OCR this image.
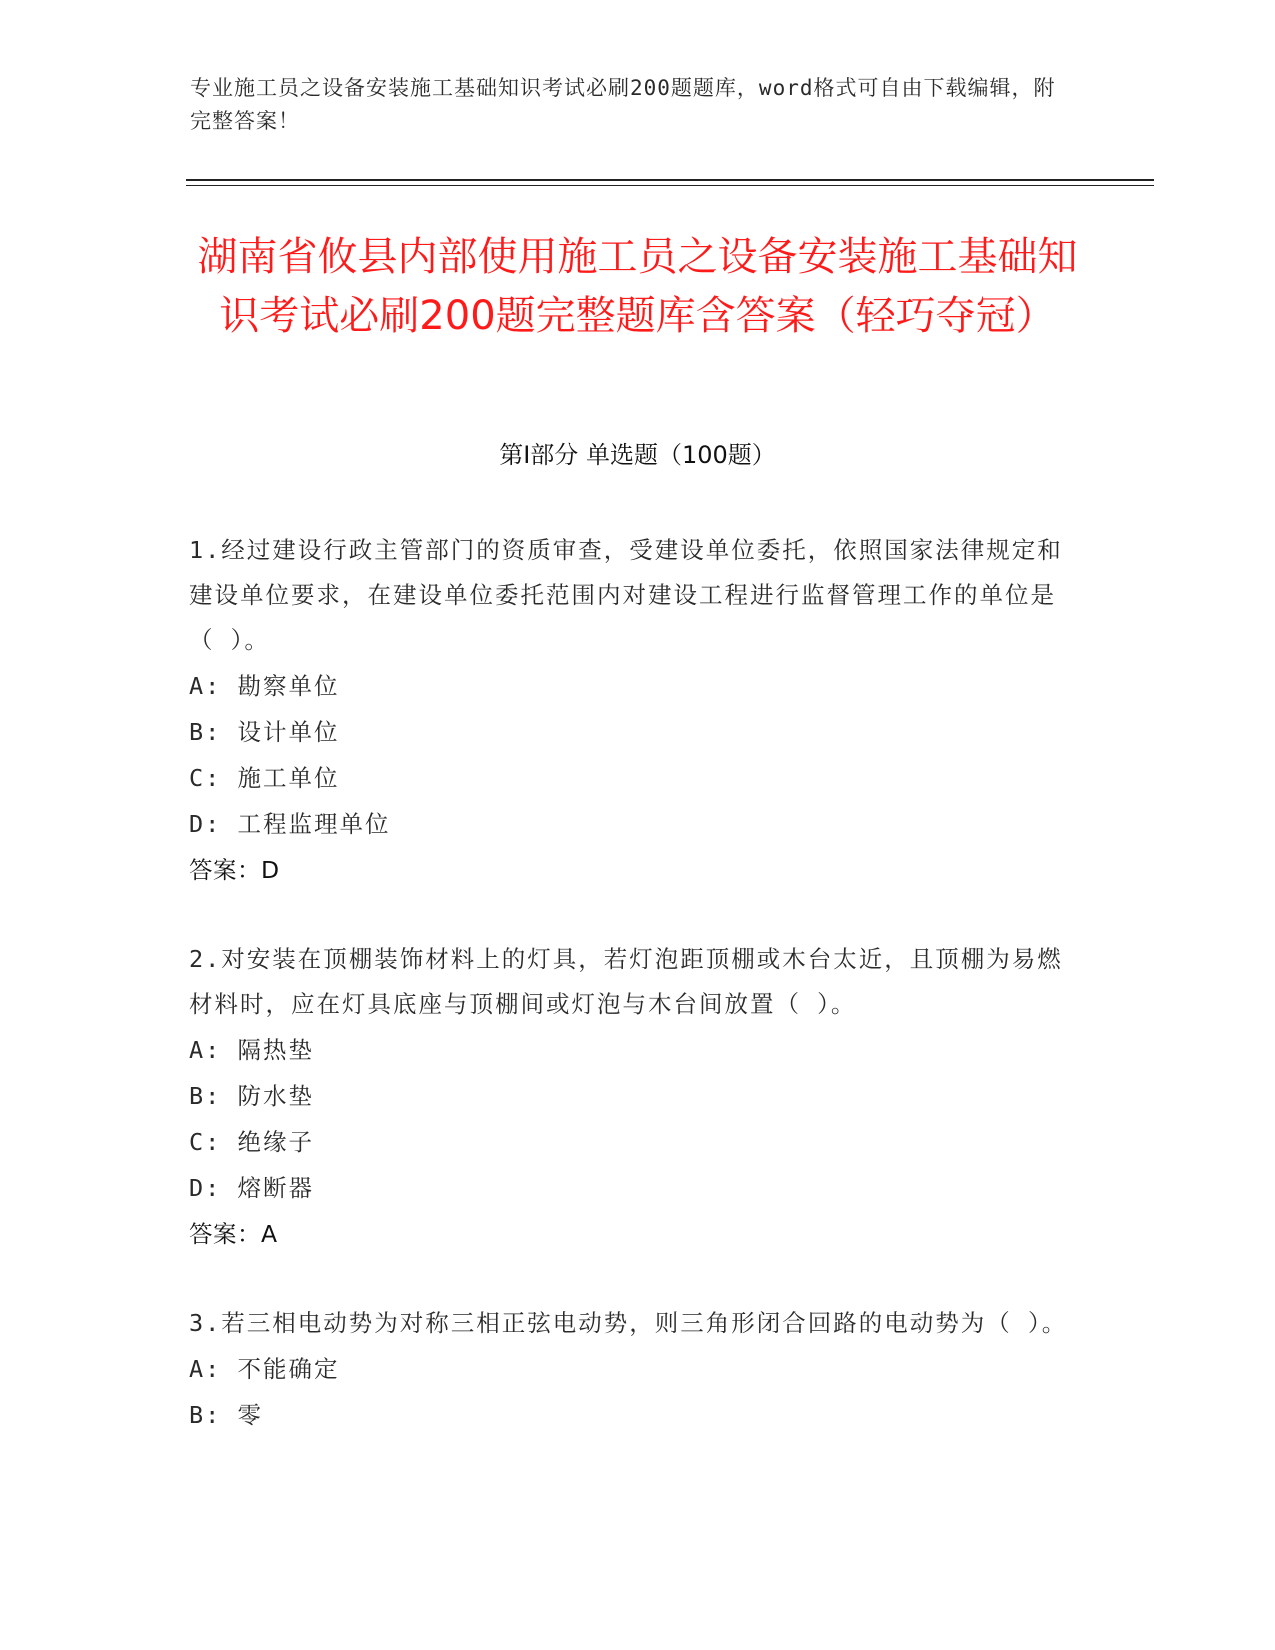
专业施工员之设备安装施工基础知识考试必刷200题题库，word格式可自由下载编辑，附完整答案！
湖南省攸县内部使用施工员之设备安装施工基础知识考试必刷200题完整题库含答案（轻巧夺冠）
第Ⅰ部分 单选题（100题）
1.经过建设行政主管部门的资质审查，受建设单位委托，依照国家法律规定和建设单位要求，在建设单位委托范围内对建设工程进行监督管理工作的单位是（ ）。
A: 勘察单位
B: 设计单位
C: 施工单位
D: 工程监理单位
答案：D
2.对安装在顶棚装饰材料上的灯具，若灯泡距顶棚或木台太近，且顶棚为易燃材料时，应在灯具底座与顶棚间或灯泡与木台间放置（ ）。
A: 隔热垫
B: 防水垫
C: 绝缘子
D: 熔断器
答案：A
3.若三相电动势为对称三相正弦电动势，则三角形闭合回路的电动势为（ ）。
A: 不能确定
B: 零
